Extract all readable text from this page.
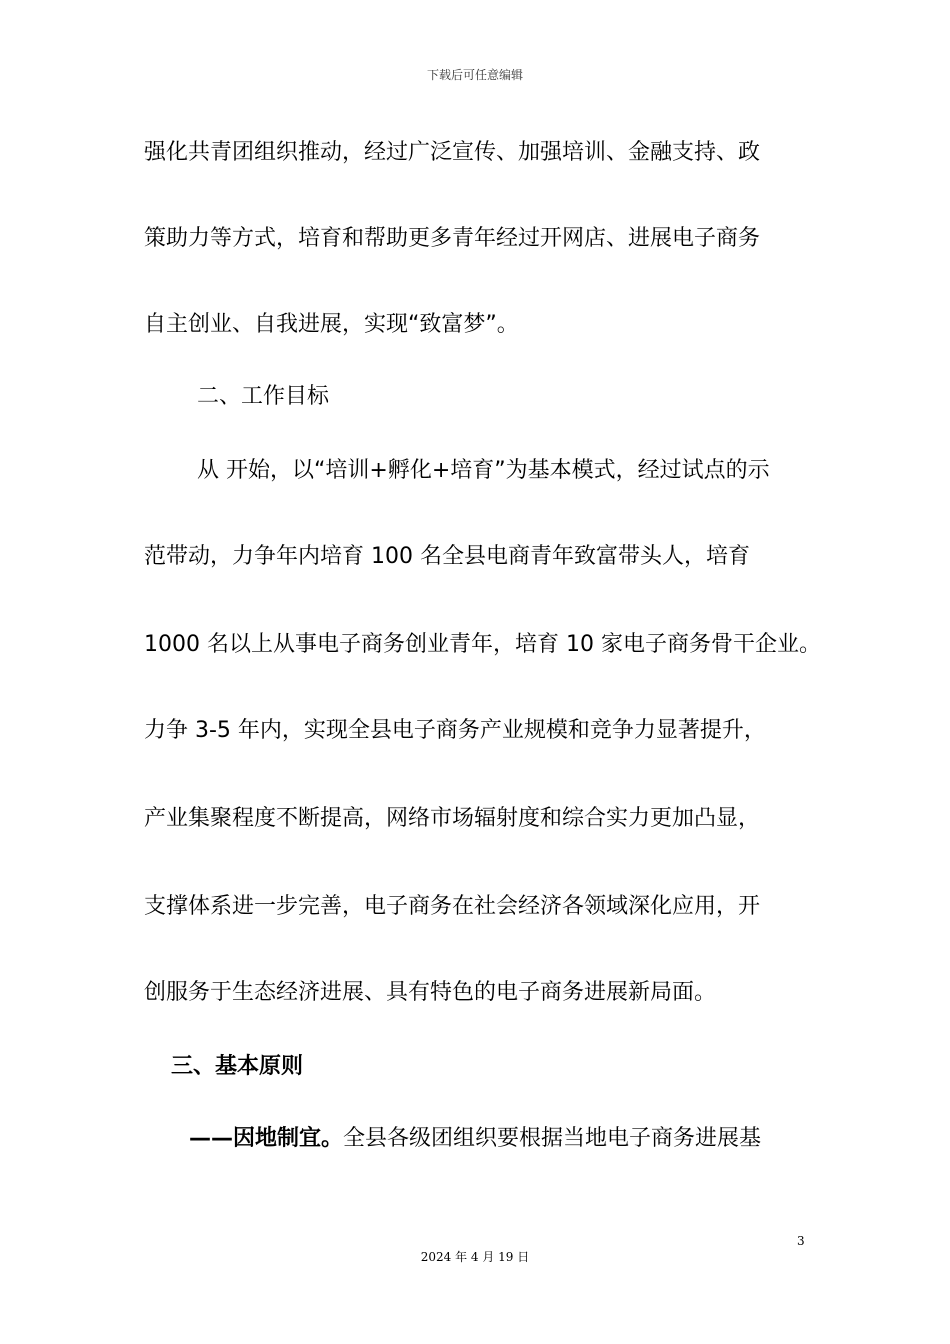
下载后可任意编辑
强化共青团组织推动，经过广泛宣传、加强培训、金融支持、政
策助力等方式，培育和帮助更多青年经过开网店、进展电子商务
自主创业、自我进展，实现“致富梦”。
二、工作目标
从 开始，以“培训+孵化+培育”为基本模式，经过试点的示
范带动，力争年内培育 100 名全县电商青年致富带头人，培育
1000 名以上从事电子商务创业青年，培育 10 家电子商务骨干企业。
力争 3-5 年内，实现全县电子商务产业规模和竞争力显著提升，
产业集聚程度不断提高，网络市场辐射度和综合实力更加凸显，
支撑体系进一步完善，电子商务在社会经济各领域深化应用，开
创服务于生态经济进展、具有特色的电子商务进展新局面。
三、基本原则
——因地制宜。全县各级团组织要根据当地电子商务进展基
3
2024 年 4 月 19 日
